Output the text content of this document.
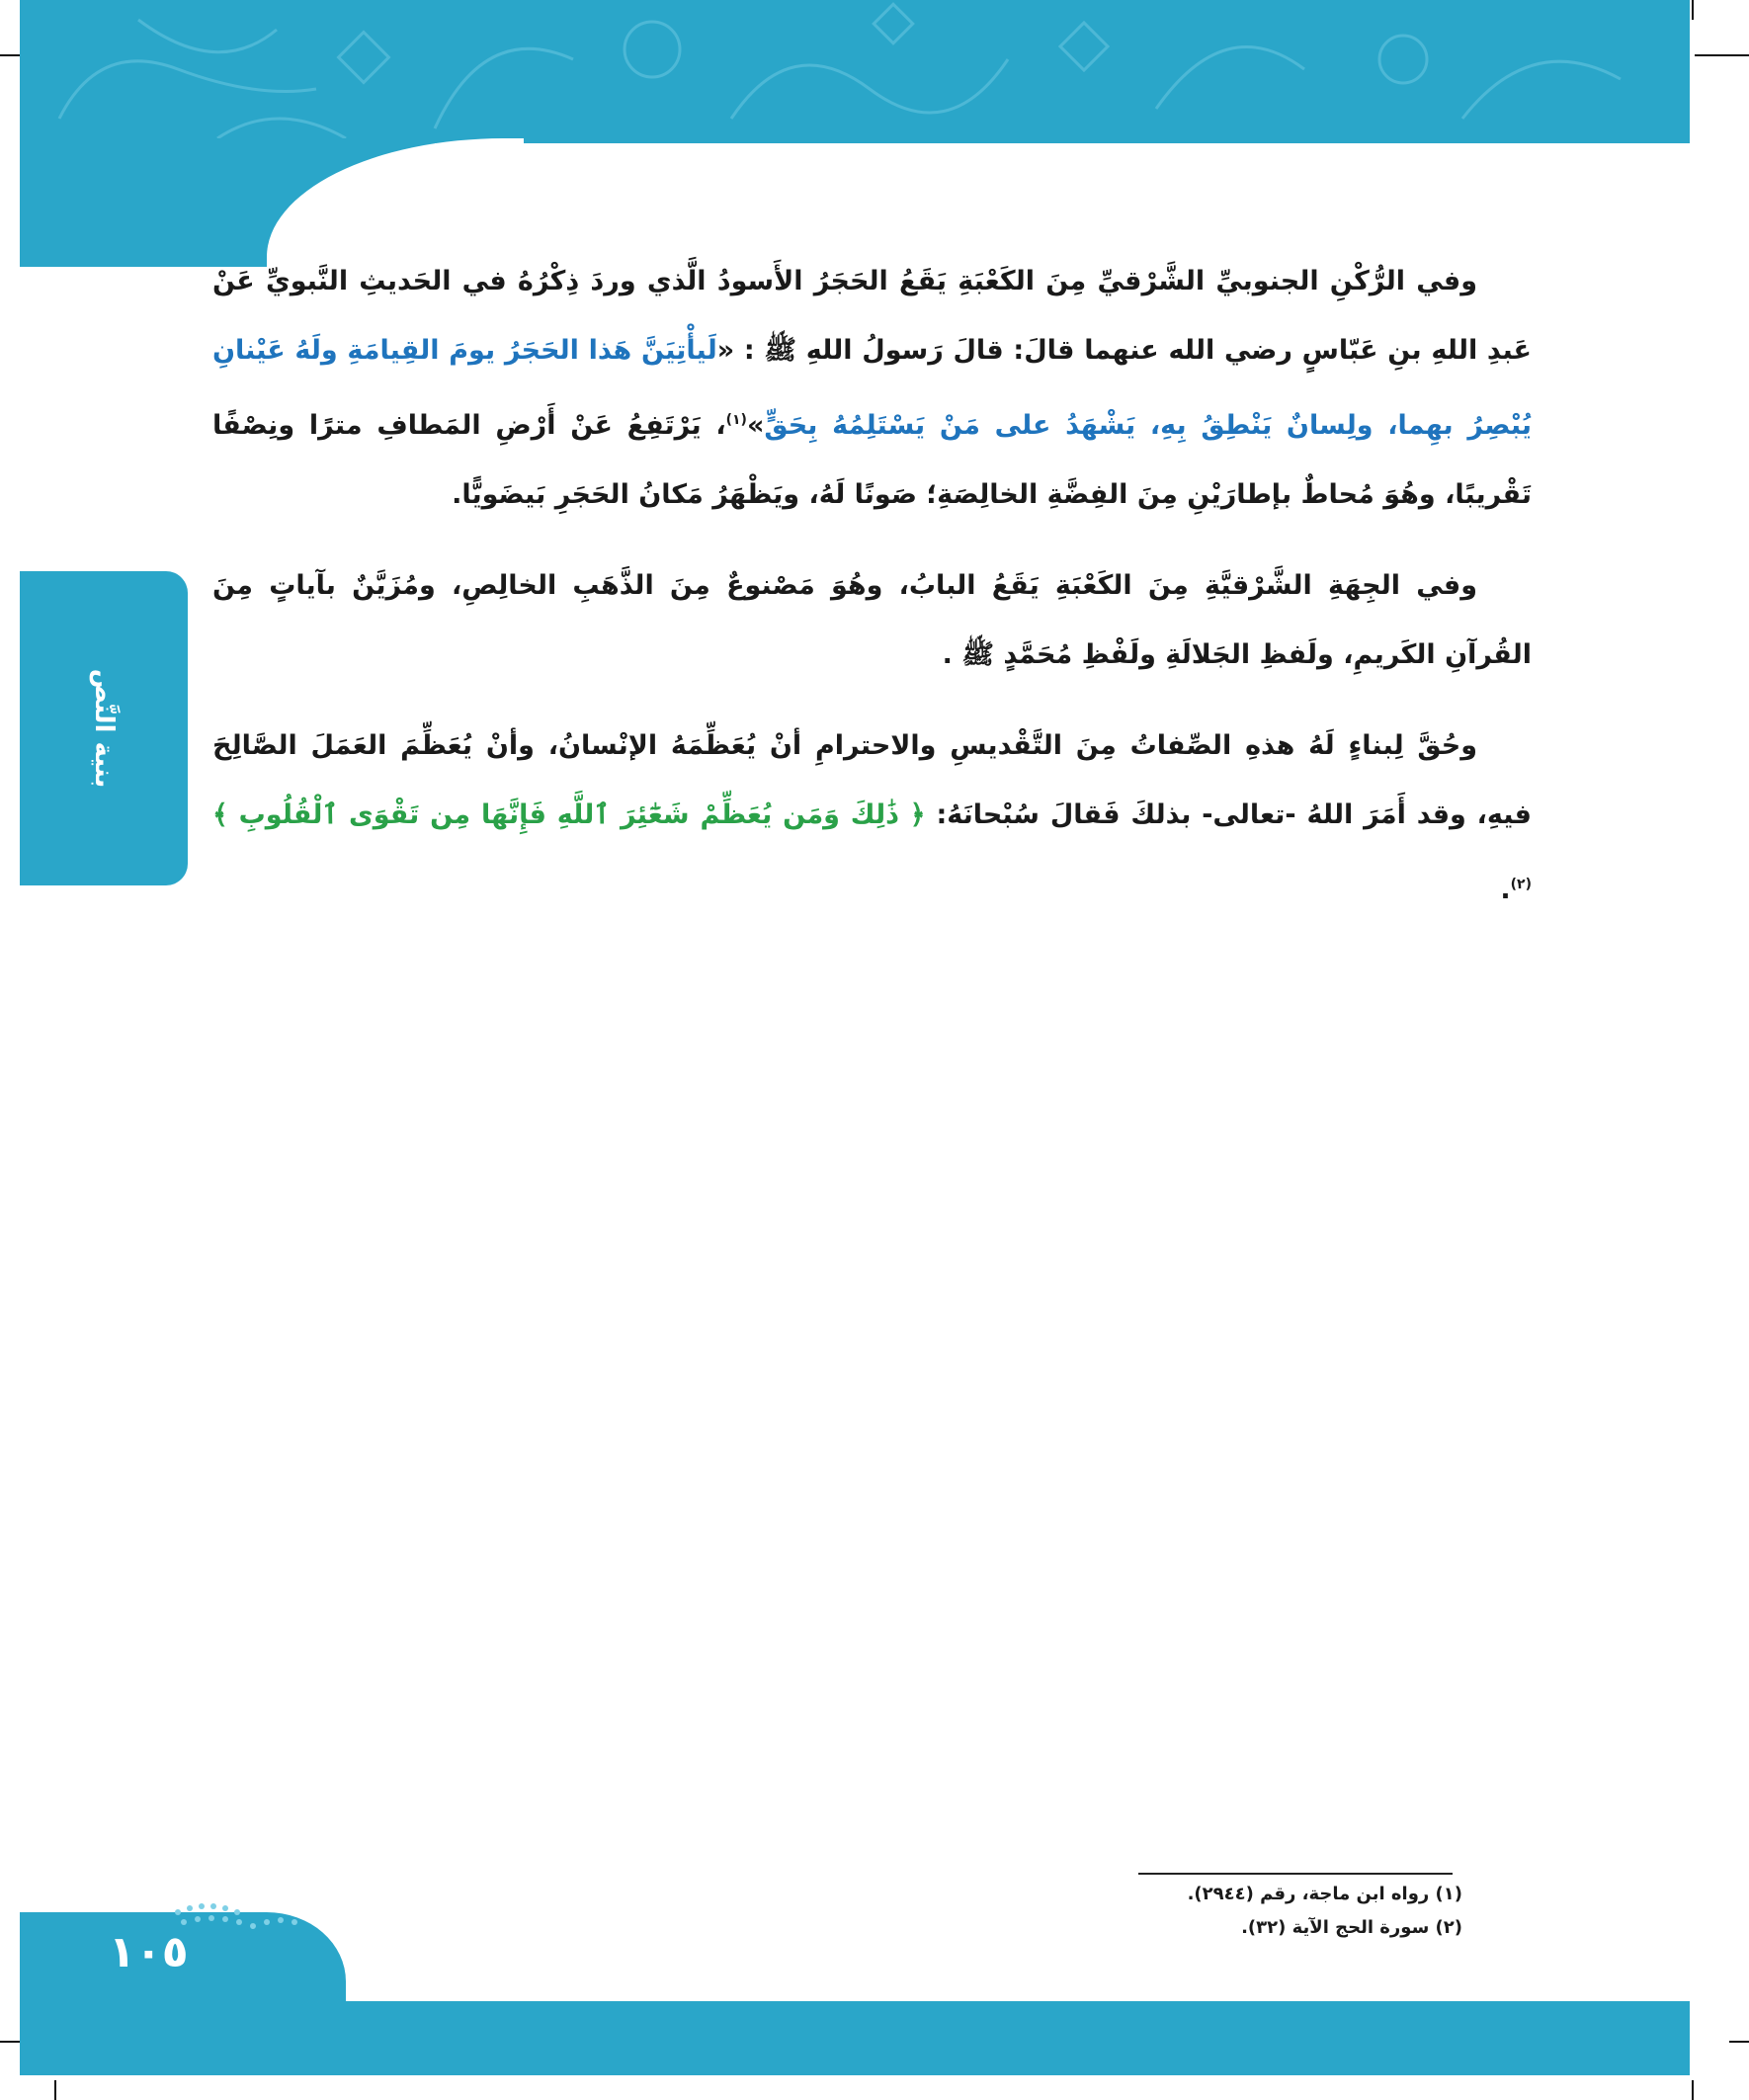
بنية النَّص

وفي الرُّكْنِ الجنوبيِّ الشَّرْقيِّ مِنَ الكَعْبَةِ يَقَعُ الحَجَرُ الأَسودُ الَّذي وردَ ذِكْرُهُ في الحَديثِ النَّبويِّ عَنْ عَبدِ اللهِ بنِ عَبّاسٍ رضي الله عنهما قالَ: قالَ رَسولُ اللهِ ﷺ : «لَيأْتِيَنَّ هَذا الحَجَرُ يومَ القِيامَةِ ولَهُ عَيْنانِ يُبْصِرُ بهِما، ولِسانٌ يَنْطِقُ بِهِ، يَشْهَدُ على مَنْ يَسْتَلِمُهُ بِحَقٍّ»$^{(١)}$، يَرْتَفِعُ عَنْ أَرْضِ المَطافِ مترًا ونِصْفًا تَقْريبًا، وهُوَ مُحاطٌ بإطارَيْنِ مِنَ الفِضَّةِ الخالِصَةِ؛ صَونًا لَهُ، ويَظْهَرُ مَكانُ الحَجَرِ بَيضَويًّا.

وفي الجِهَةِ الشَّرْقيَّةِ مِنَ الكَعْبَةِ يَقَعُ البابُ، وهُوَ مَصْنوعٌ مِنَ الذَّهَبِ الخالِصِ، ومُزَيَّنٌ بآياتٍ مِنَ القُرآنِ الكَريمِ، ولَفظِ الجَلالَةِ ولَفْظِ مُحَمَّدٍ ﷺ .

وحُقَّ لِبناءٍ لَهُ هذهِ الصِّفاتُ مِنَ التَّقْديسِ والاحترامِ أنْ يُعَظِّمَهُ الإنْسانُ، وأنْ يُعَظِّمَ العَمَلَ الصَّالِحَ فيهِ، وقد أَمَرَ اللهُ -تعالى- بذلكَ فَقالَ سُبْحانَهُ: ﴿ ذَٰلِكَ وَمَن يُعَظِّمْ شَعَٰٓئِرَ ٱللَّهِ فَإِنَّهَا مِن تَقْوَى ٱلْقُلُوبِ ﴾$^{(٢)}$.

(١) رواه ابن ماجة، رقم (٢٩٤٤).
(٢) سورة الحج الآية (٣٢).
١٠٥
